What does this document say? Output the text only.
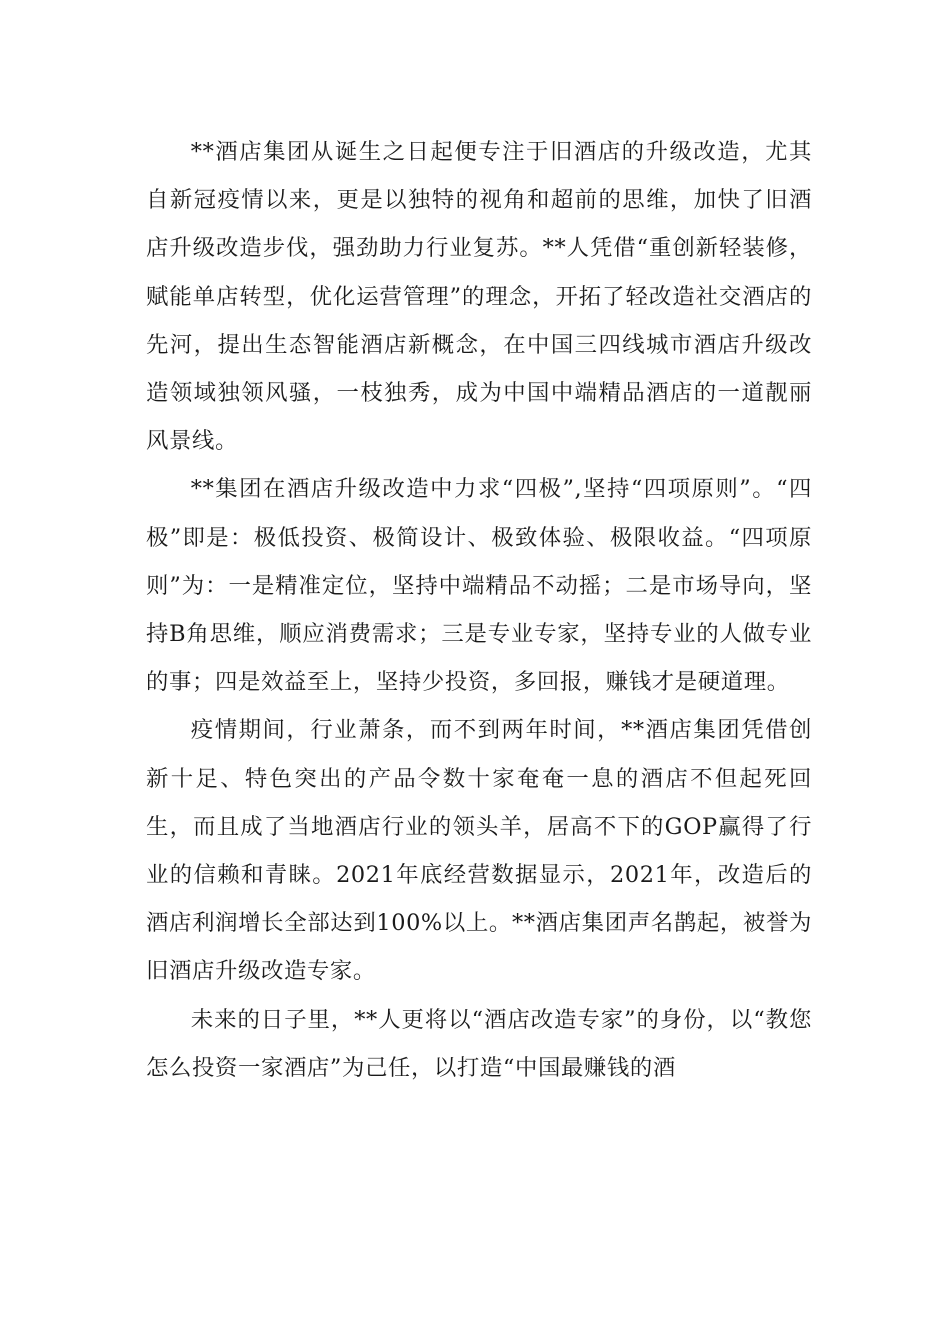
**酒店集团从诞生之日起便专注于旧酒店的升级改造，尤其自新冠疫情以来，更是以独特的视角和超前的思维，加快了旧酒店升级改造步伐，强劲助力行业复苏。**人凭借“重创新轻装修，赋能单店转型，优化运营管理”的理念，开拓了轻改造社交酒店的先河，提出生态智能酒店新概念，在中国三四线城市酒店升级改造领域独领风骚，一枝独秀，成为中国中端精品酒店的一道靓丽风景线。

**集团在酒店升级改造中力求“四极”,坚持“四项原则”。“四极”即是：极低投资、极简设计、极致体验、极限收益。“四项原则”为：一是精准定位，坚持中端精品不动摇；二是市场导向，坚持B角思维，顺应消费需求；三是专业专家，坚持专业的人做专业的事；四是效益至上，坚持少投资，多回报，赚钱才是硬道理。

疫情期间，行业萧条，而不到两年时间，**酒店集团凭借创新十足、特色突出的产品令数十家奄奄一息的酒店不但起死回生，而且成了当地酒店行业的领头羊，居高不下的GOP赢得了行业的信赖和青睐。2021年底经营数据显示，2021年，改造后的酒店利润增长全部达到100%以上。**酒店集团声名鹊起，被誉为旧酒店升级改造专家。

未来的日子里，**人更将以“酒店改造专家”的身份，以“教您怎么投资一家酒店”为己任，以打造“中国最赚钱的酒
